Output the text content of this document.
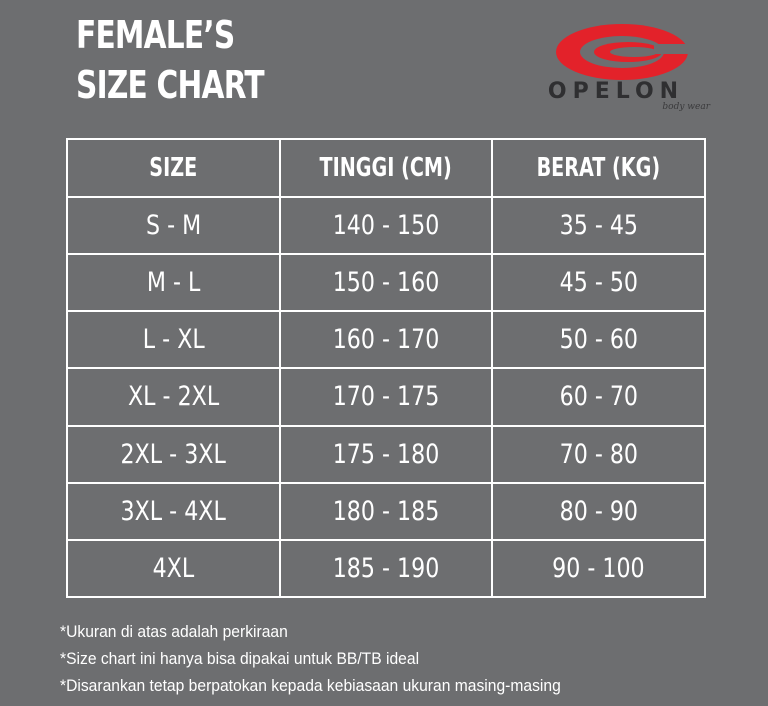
FEMALE’S
SIZE CHART	OPELON
body wear
SIZE	TINGGI (CM)	BERAT (KG)
S - M	140 - 150	35 - 45
M - L	150 - 160	45 - 50
L - XL	160 - 170	50 - 60
XL - 2XL	170 - 175	60 - 70
2XL - 3XL	175 - 180	70 - 80
3XL - 4XL	180 - 185	80 - 90
4XL	185 - 190	90 - 100
*Ukuran di atas adalah perkiraan
*Size chart ini hanya bisa dipakai untuk BB/TB ideal
*Disarankan tetap berpatokan kepada kebiasaan ukuran masing-masing
